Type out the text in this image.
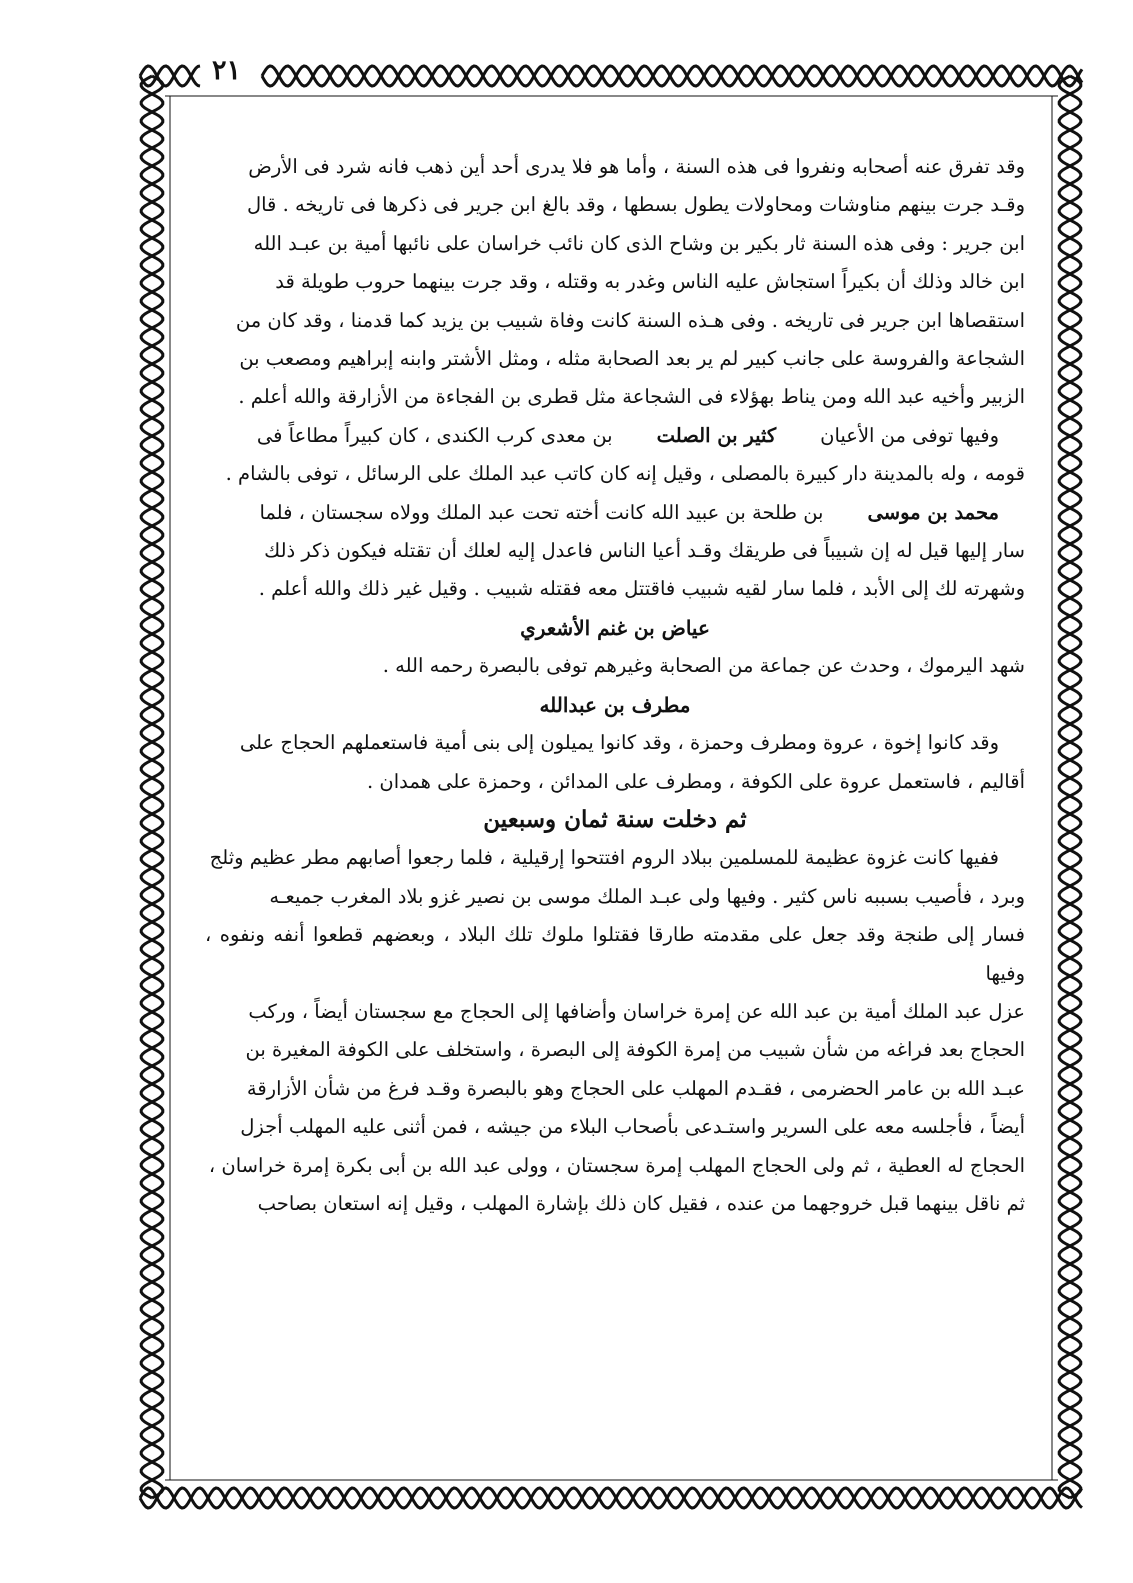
٢١

وقد تفرق عنه أصحابه ونفروا فى هذه السنة ، وأما هو فلا يدرى أحد أين ذهب فانه شرد فى الأرض

وقـد جرت بينهم مناوشات ومحاولات يطول بسطها ، وقد بالغ ابن جرير فى ذكرها فى تاريخه . قال

ابن جرير : وفى هذه السنة ثار بكير بن وشاح الذى كان نائب خراسان على نائبها أمية بن عبـد الله

ابن خالد وذلك أن بكيراً استجاش عليه الناس وغدر به وقتله ، وقد جرت بينهما حروب طويلة قد

استقصاها ابن جرير فى تاريخه . وفى هـذه السنة كانت وفاة شبيب بن يزيد كما قدمنا ، وقد كان من

الشجاعة والفروسة على جانب كبير لم ير بعد الصحابة مثله ، ومثل الأشتر وابنه إبراهيم ومصعب بن

الزبير وأخيه عبد الله ومن يناط بهؤلاء فى الشجاعة مثل قطرى بن الفجاءة من الأزارقة والله أعلم .

وفيها توفى من الأعيانكثير بن الصلتبن معدى كرب الكندى ، كان كبيراً مطاعاً فى

قومه ، وله بالمدينة دار كبيرة بالمصلى ، وقيل إنه كان كاتب عبد الملك على الرسائل ، توفى بالشام .

محمد بن موسىبن طلحة بن عبيد الله كانت أخته تحت عبد الملك وولاه سجستان ، فلما

سار إليها قيل له إن شبيباً فى طريقك وقـد أعيا الناس فاعدل إليه لعلك أن تقتله فيكون ذكر ذلك

وشهرته لك إلى الأبد ، فلما سار لقيه شبيب فاقتتل معه فقتله شبيب . وقيل غير ذلك والله أعلم .

عياض بن غنم الأشعري

شهد اليرموك ، وحدث عن جماعة من الصحابة وغيرهم توفى بالبصرة رحمه الله .

مطرف بن عبدالله

وقد كانوا إخوة ، عروة ومطرف وحمزة ، وقد كانوا يميلون إلى بنى أمية فاستعملهم الحجاج على

أقاليم ، فاستعمل عروة على الكوفة ، ومطرف على المدائن ، وحمزة على همدان .

ثم دخلت سنة ثمان وسبعين

ففيها كانت غزوة عظيمة للمسلمين ببلاد الروم افتتحوا إرقيلية ، فلما رجعوا أصابهم مطر عظيم وثلج

وبرد ، فأصيب بسببه ناس كثير . وفيها ولى عبـد الملك موسى بن نصير غزو بلاد المغرب جميعـه

فسار إلى طنجة وقد جعل على مقدمته طارقا فقتلوا ملوك تلك البلاد ، وبعضهم قطعوا أنفه ونفوه ، وفيها

عزل عبد الملك أمية بن عبد الله عن إمرة خراسان وأضافها إلى الحجاج مع سجستان أيضاً ، وركب

الحجاج بعد فراغه من شأن شبيب من إمرة الكوفة إلى البصرة ، واستخلف على الكوفة المغيرة بن

عبـد الله بن عامر الحضرمى ، فقـدم المهلب على الحجاج وهو بالبصرة وقـد فرغ من شأن الأزارقة

أيضاً ، فأجلسه معه على السرير واستـدعى بأصحاب البلاء من جيشه ، فمن أثنى عليه المهلب أجزل

الحجاج له العطية ، ثم ولى الحجاج المهلب إمرة سجستان ، وولى عبد الله بن أبى بكرة إمرة خراسان ،

ثم ناقل بينهما قبل خروجهما من عنده ، فقيل كان ذلك بإشارة المهلب ، وقيل إنه استعان بصاحب
